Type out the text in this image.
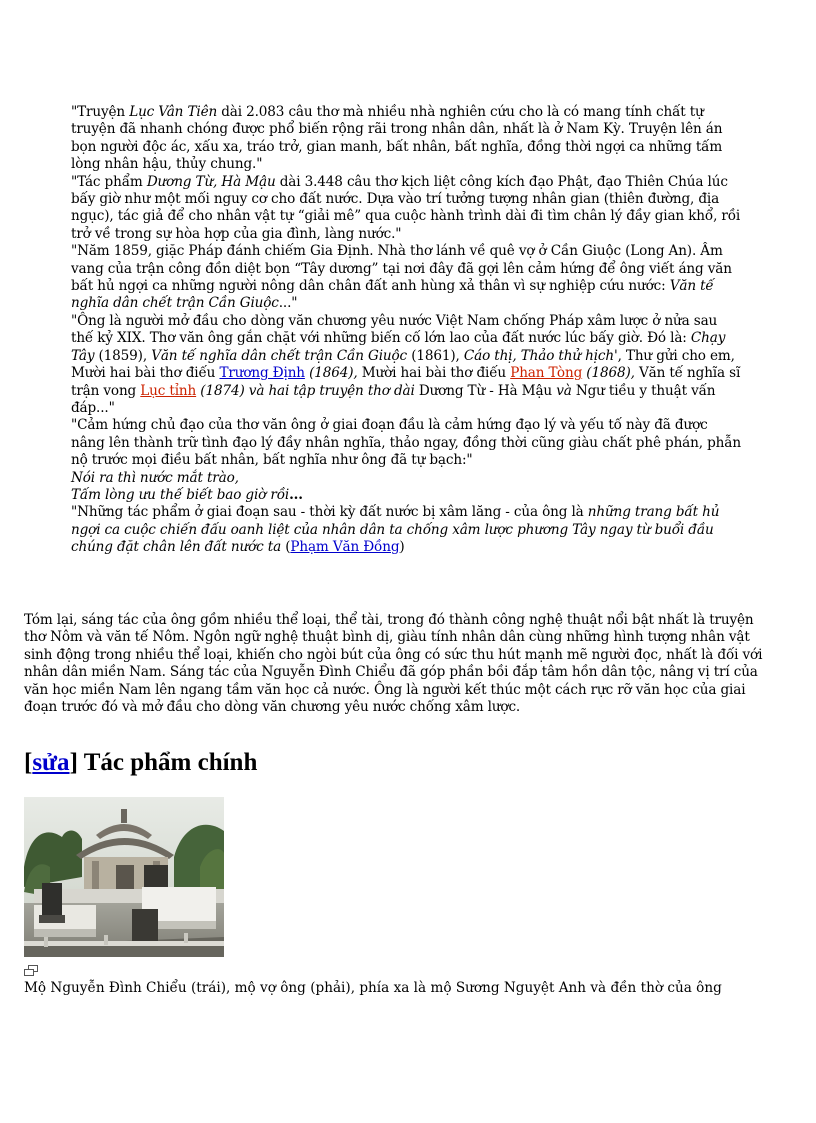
"Truyện Lục Vân Tiên dài 2.083 câu thơ mà nhiều nhà nghiên cứu cho là có mang tính chất tự truyện đã nhanh chóng được phổ biến rộng rãi trong nhân dân, nhất là ở Nam Kỳ. Truyện lên án bọn người độc ác, xấu xa, tráo trở, gian manh, bất nhân, bất nghĩa, đồng thời ngợi ca những tấm lòng nhân hậu, thủy chung."

"Tác phẩm Dương Từ, Hà Mậu dài 3.448 câu thơ kịch liệt công kích đạo Phật, đạo Thiên Chúa lúc bấy giờ như một mối nguy cơ cho đất nước. Dựa vào trí tưởng tượng nhân gian (thiên đường, địa ngục), tác giả để cho nhân vật tự “giải mê” qua cuộc hành trình dài đi tìm chân lý đầy gian khổ, rồi trở về trong sự hòa hợp của gia đình, làng nước."

"Năm 1859, giặc Pháp đánh chiếm Gia Định. Nhà thơ lánh về quê vợ ở Cần Giuộc (Long An). Âm vang của trận công đồn diệt bọn “Tây dương” tại nơi đây đã gợi lên cảm hứng để ông viết áng văn bất hủ ngợi ca những người nông dân chân đất anh hùng xả thân vì sự nghiệp cứu nước: Văn tế nghĩa dân chết trận Cần Giuộc..."

"Ông là người mở đầu cho dòng văn chương yêu nước Việt Nam chống Pháp xâm lược ở nửa sau thế kỷ XIX. Thơ văn ông gắn chặt với những biến cố lớn lao của đất nước lúc bấy giờ. Đó là: Chạy Tây (1859), Văn tế nghĩa dân chết trận Cần Giuộc (1861), Cáo thị, Thảo thử hịch', Thư gửi cho em, Mười hai bài thơ điếu Trương Định (1864), Mười hai bài thơ điếu Phan Tòng (1868), Văn tế nghĩa sĩ trận vong Lục tỉnh (1874) và hai tập truyện thơ dài Dương Từ - Hà Mậu và Ngư tiều y thuật vấn đáp..."

"Cảm hứng chủ đạo của thơ văn ông ở giai đoạn đầu là cảm hứng đạo lý và yếu tố này đã được nâng lên thành trữ tình đạo lý đầy nhân nghĩa, thảo ngay, đồng thời cũng giàu chất phê phán, phẫn nộ trước mọi điều bất nhân, bất nghĩa như ông đã tự bạch:"

Nói ra thì nước mắt trào,

Tấm lòng ưu thế biết bao giờ rồi...

"Những tác phẩm ở giai đoạn sau - thời kỳ đất nước bị xâm lăng - của ông là những trang bất hủ ngợi ca cuộc chiến đấu oanh liệt của nhân dân ta chống xâm lược phương Tây ngay từ buổi đầu chúng đặt chân lên đất nước ta (Phạm Văn Đồng)

Tóm lại, sáng tác của ông gồm nhiều thể loại, thể tài, trong đó thành công nghệ thuật nổi bật nhất là truyện thơ Nôm và văn tế Nôm. Ngôn ngữ nghệ thuật bình dị, giàu tính nhân dân cùng những hình tượng nhân vật sinh động trong nhiều thể loại, khiến cho ngòi bút của ông có sức thu hút mạnh mẽ người đọc, nhất là đối với nhân dân miền Nam. Sáng tác của Nguyễn Đình Chiểu đã góp phần bồi đắp tâm hồn dân tộc, nâng vị trí của văn học miền Nam lên ngang tầm văn học cả nước. Ông là người kết thúc một cách rực rỡ văn học của giai đoạn trước đó và mở đầu cho dòng văn chương yêu nước chống xâm lược.

[sửa] Tác phẩm chính

Mộ Nguyễn Đình Chiểu (trái), mộ vợ ông (phải), phía xa là mộ Sương Nguyệt Anh và đền thờ của ông
